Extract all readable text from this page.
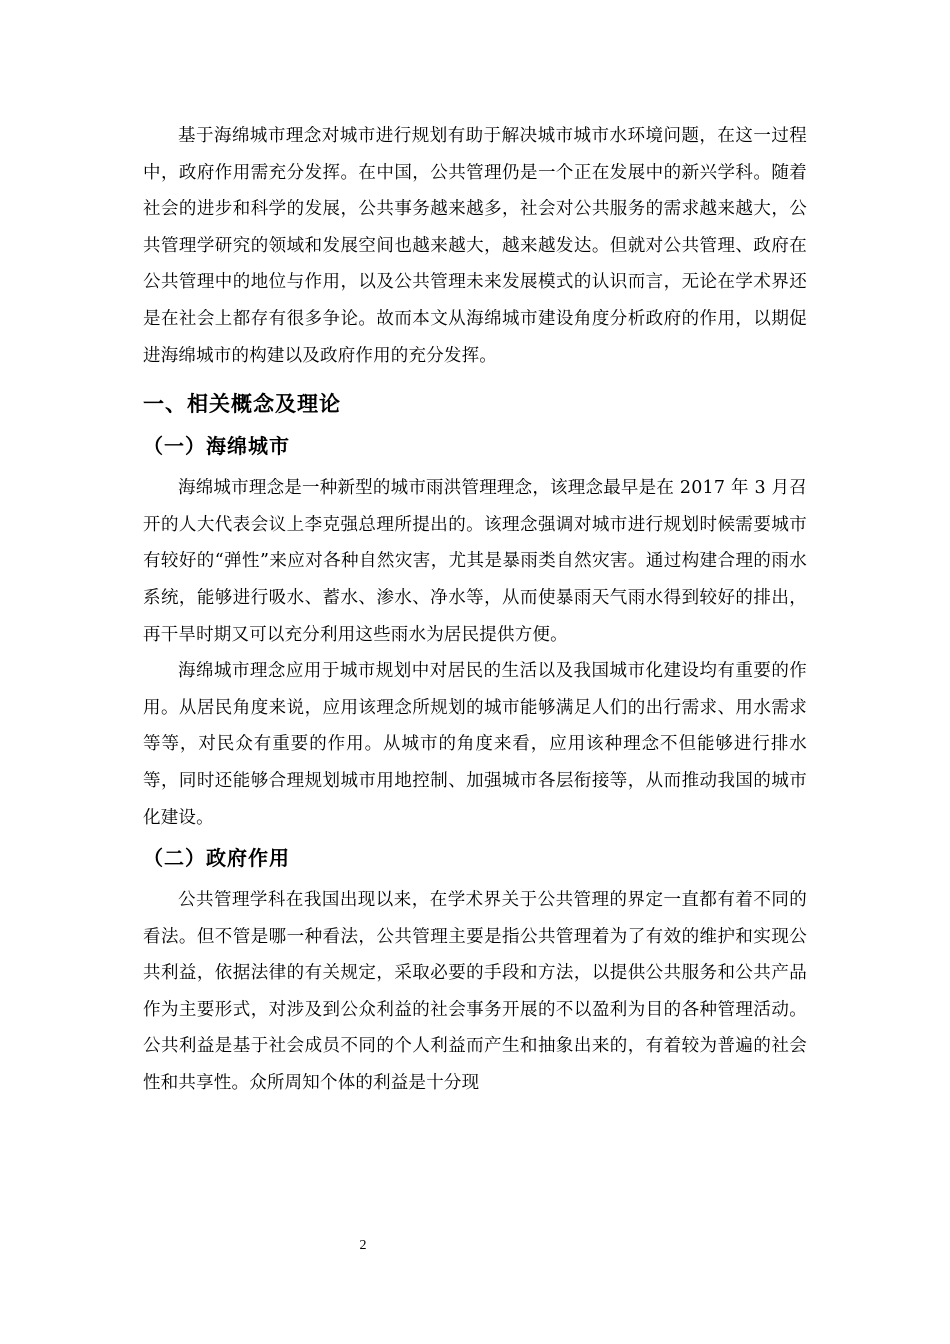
基于海绵城市理念对城市进行规划有助于解决城市城市水环境问题，在这一过程中，政府作用需充分发挥。在中国，公共管理仍是一个正在发展中的新兴学科。随着社会的进步和科学的发展，公共事务越来越多，社会对公共服务的需求越来越大，公共管理学研究的领域和发展空间也越来越大，越来越发达。但就对公共管理、政府在公共管理中的地位与作用，以及公共管理未来发展模式的认识而言，无论在学术界还是在社会上都存有很多争论。故而本文从海绵城市建设角度分析政府的作用，以期促进海绵城市的构建以及政府作用的充分发挥。

一、相关概念及理论
（一）海绵城市

海绵城市理念是一种新型的城市雨洪管理理念，该理念最早是在 2017 年 3 月召开的人大代表会议上李克强总理所提出的。该理念强调对城市进行规划时候需要城市有较好的“弹性”来应对各种自然灾害，尤其是暴雨类自然灾害。通过构建合理的雨水系统，能够进行吸水、蓄水、渗水、净水等，从而使暴雨天气雨水得到较好的排出，再干旱时期又可以充分利用这些雨水为居民提供方便。

海绵城市理念应用于城市规划中对居民的生活以及我国城市化建设均有重要的作用。从居民角度来说，应用该理念所规划的城市能够满足人们的出行需求、用水需求等等，对民众有重要的作用。从城市的角度来看，应用该种理念不但能够进行排水等，同时还能够合理规划城市用地控制、加强城市各层衔接等，从而推动我国的城市化建设。

（二）政府作用

公共管理学科在我国出现以来，在学术界关于公共管理的界定一直都有着不同的看法。但不管是哪一种看法，公共管理主要是指公共管理着为了有效的维护和实现公共利益，依据法律的有关规定，采取必要的手段和方法，以提供公共服务和公共产品作为主要形式，对涉及到公众利益的社会事务开展的不以盈利为目的各种管理活动。公共利益是基于社会成员不同的个人利益而产生和抽象出来的，有着较为普遍的社会性和共享性。众所周知个体的利益是十分现

2
